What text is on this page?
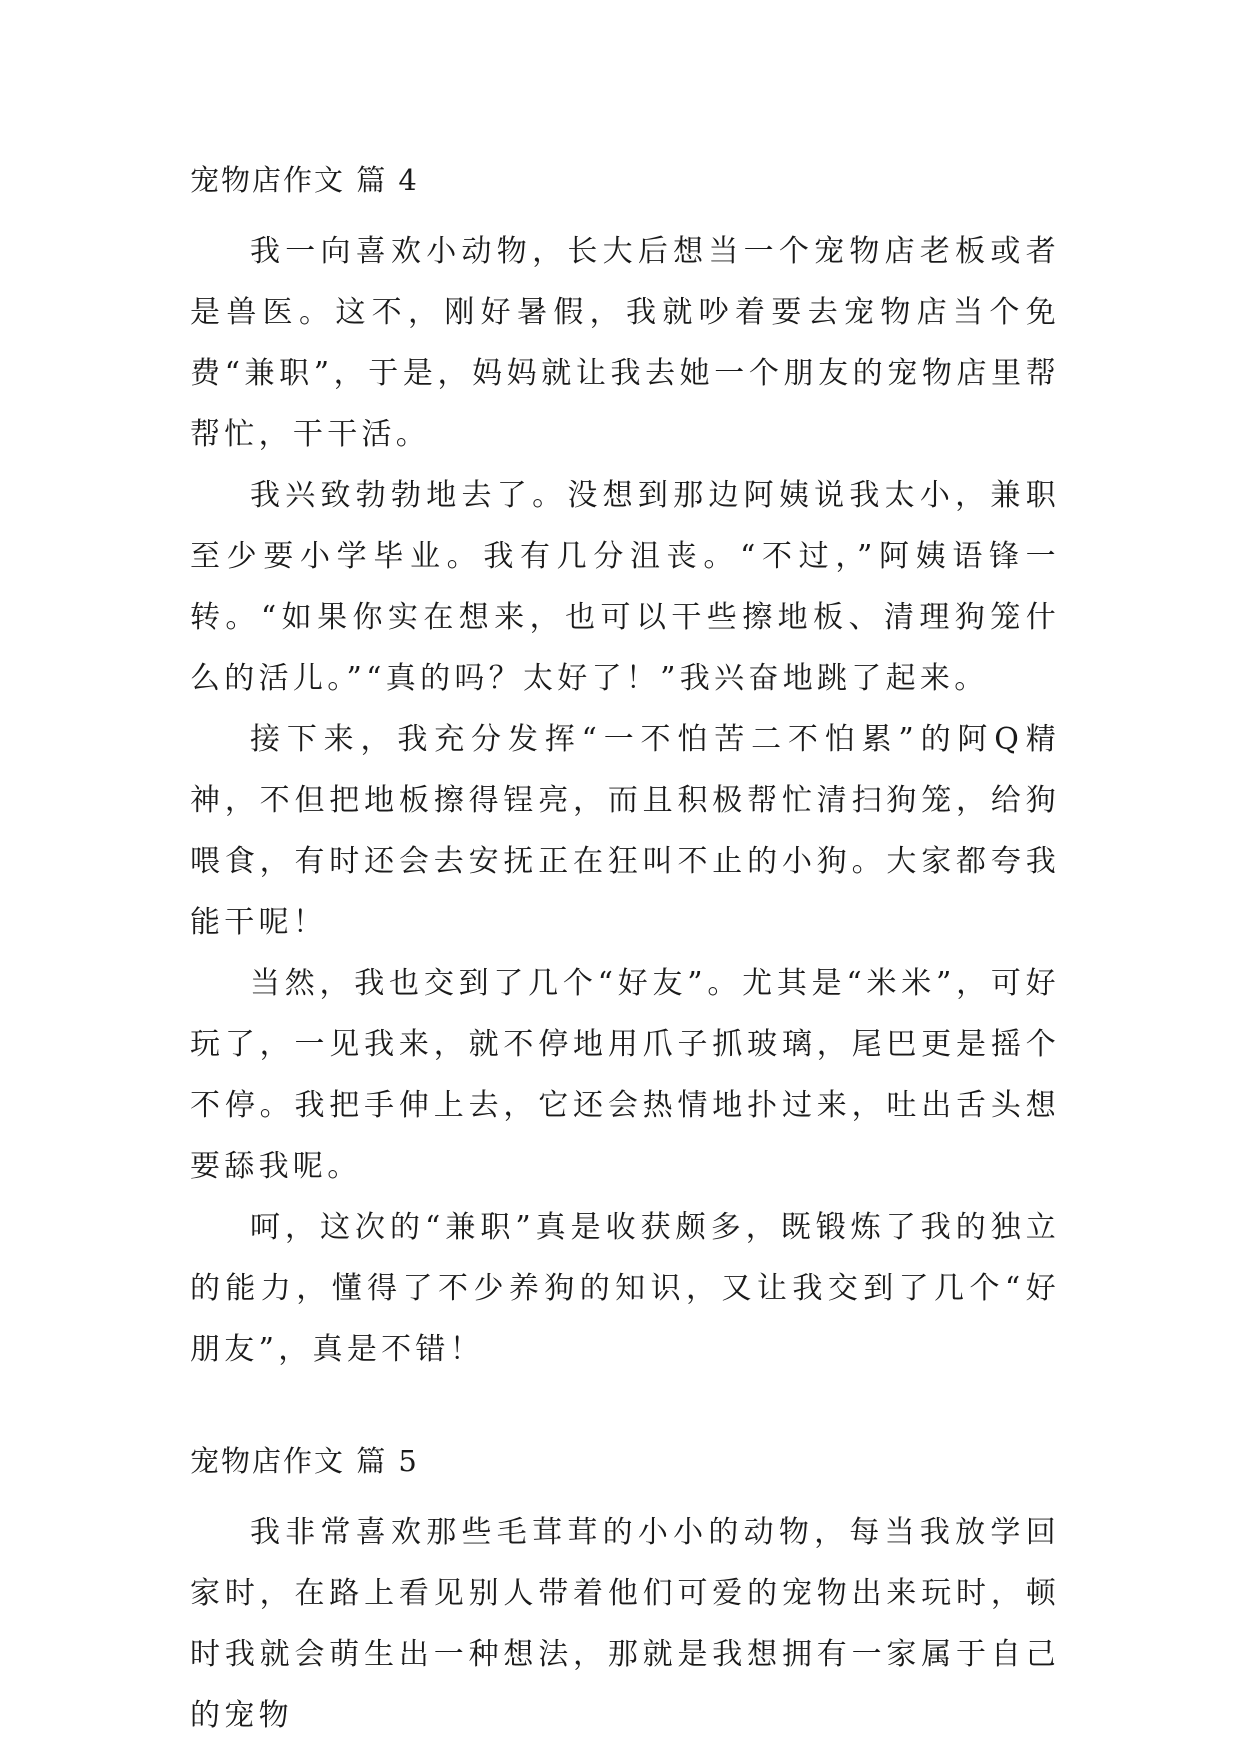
宠物店作文 篇 4

我一向喜欢小动物，长大后想当一个宠物店老板或者是兽医。这不，刚好暑假，我就吵着要去宠物店当个免费“兼职”，于是，妈妈就让我去她一个朋友的宠物店里帮帮忙，干干活。

我兴致勃勃地去了。没想到那边阿姨说我太小，兼职至少要小学毕业。我有几分沮丧。“不过，”阿姨语锋一转。“如果你实在想来，也可以干些擦地板、清理狗笼什么的活儿。”“真的吗？太好了！”我兴奋地跳了起来。

接下来，我充分发挥“一不怕苦二不怕累”的阿Q精神，不但把地板擦得锃亮，而且积极帮忙清扫狗笼，给狗喂食，有时还会去安抚正在狂叫不止的小狗。大家都夸我能干呢！

当然，我也交到了几个“好友”。尤其是“米米”，可好玩了，一见我来，就不停地用爪子抓玻璃，尾巴更是摇个不停。我把手伸上去，它还会热情地扑过来，吐出舌头想要舔我呢。

呵，这次的“兼职”真是收获颇多，既锻炼了我的独立的能力，懂得了不少养狗的知识，又让我交到了几个“好朋友”，真是不错！

宠物店作文 篇 5

我非常喜欢那些毛茸茸的小小的动物，每当我放学回家时，在路上看见别人带着他们可爱的宠物出来玩时，顿时我就会萌生出一种想法，那就是我想拥有一家属于自己的宠物
